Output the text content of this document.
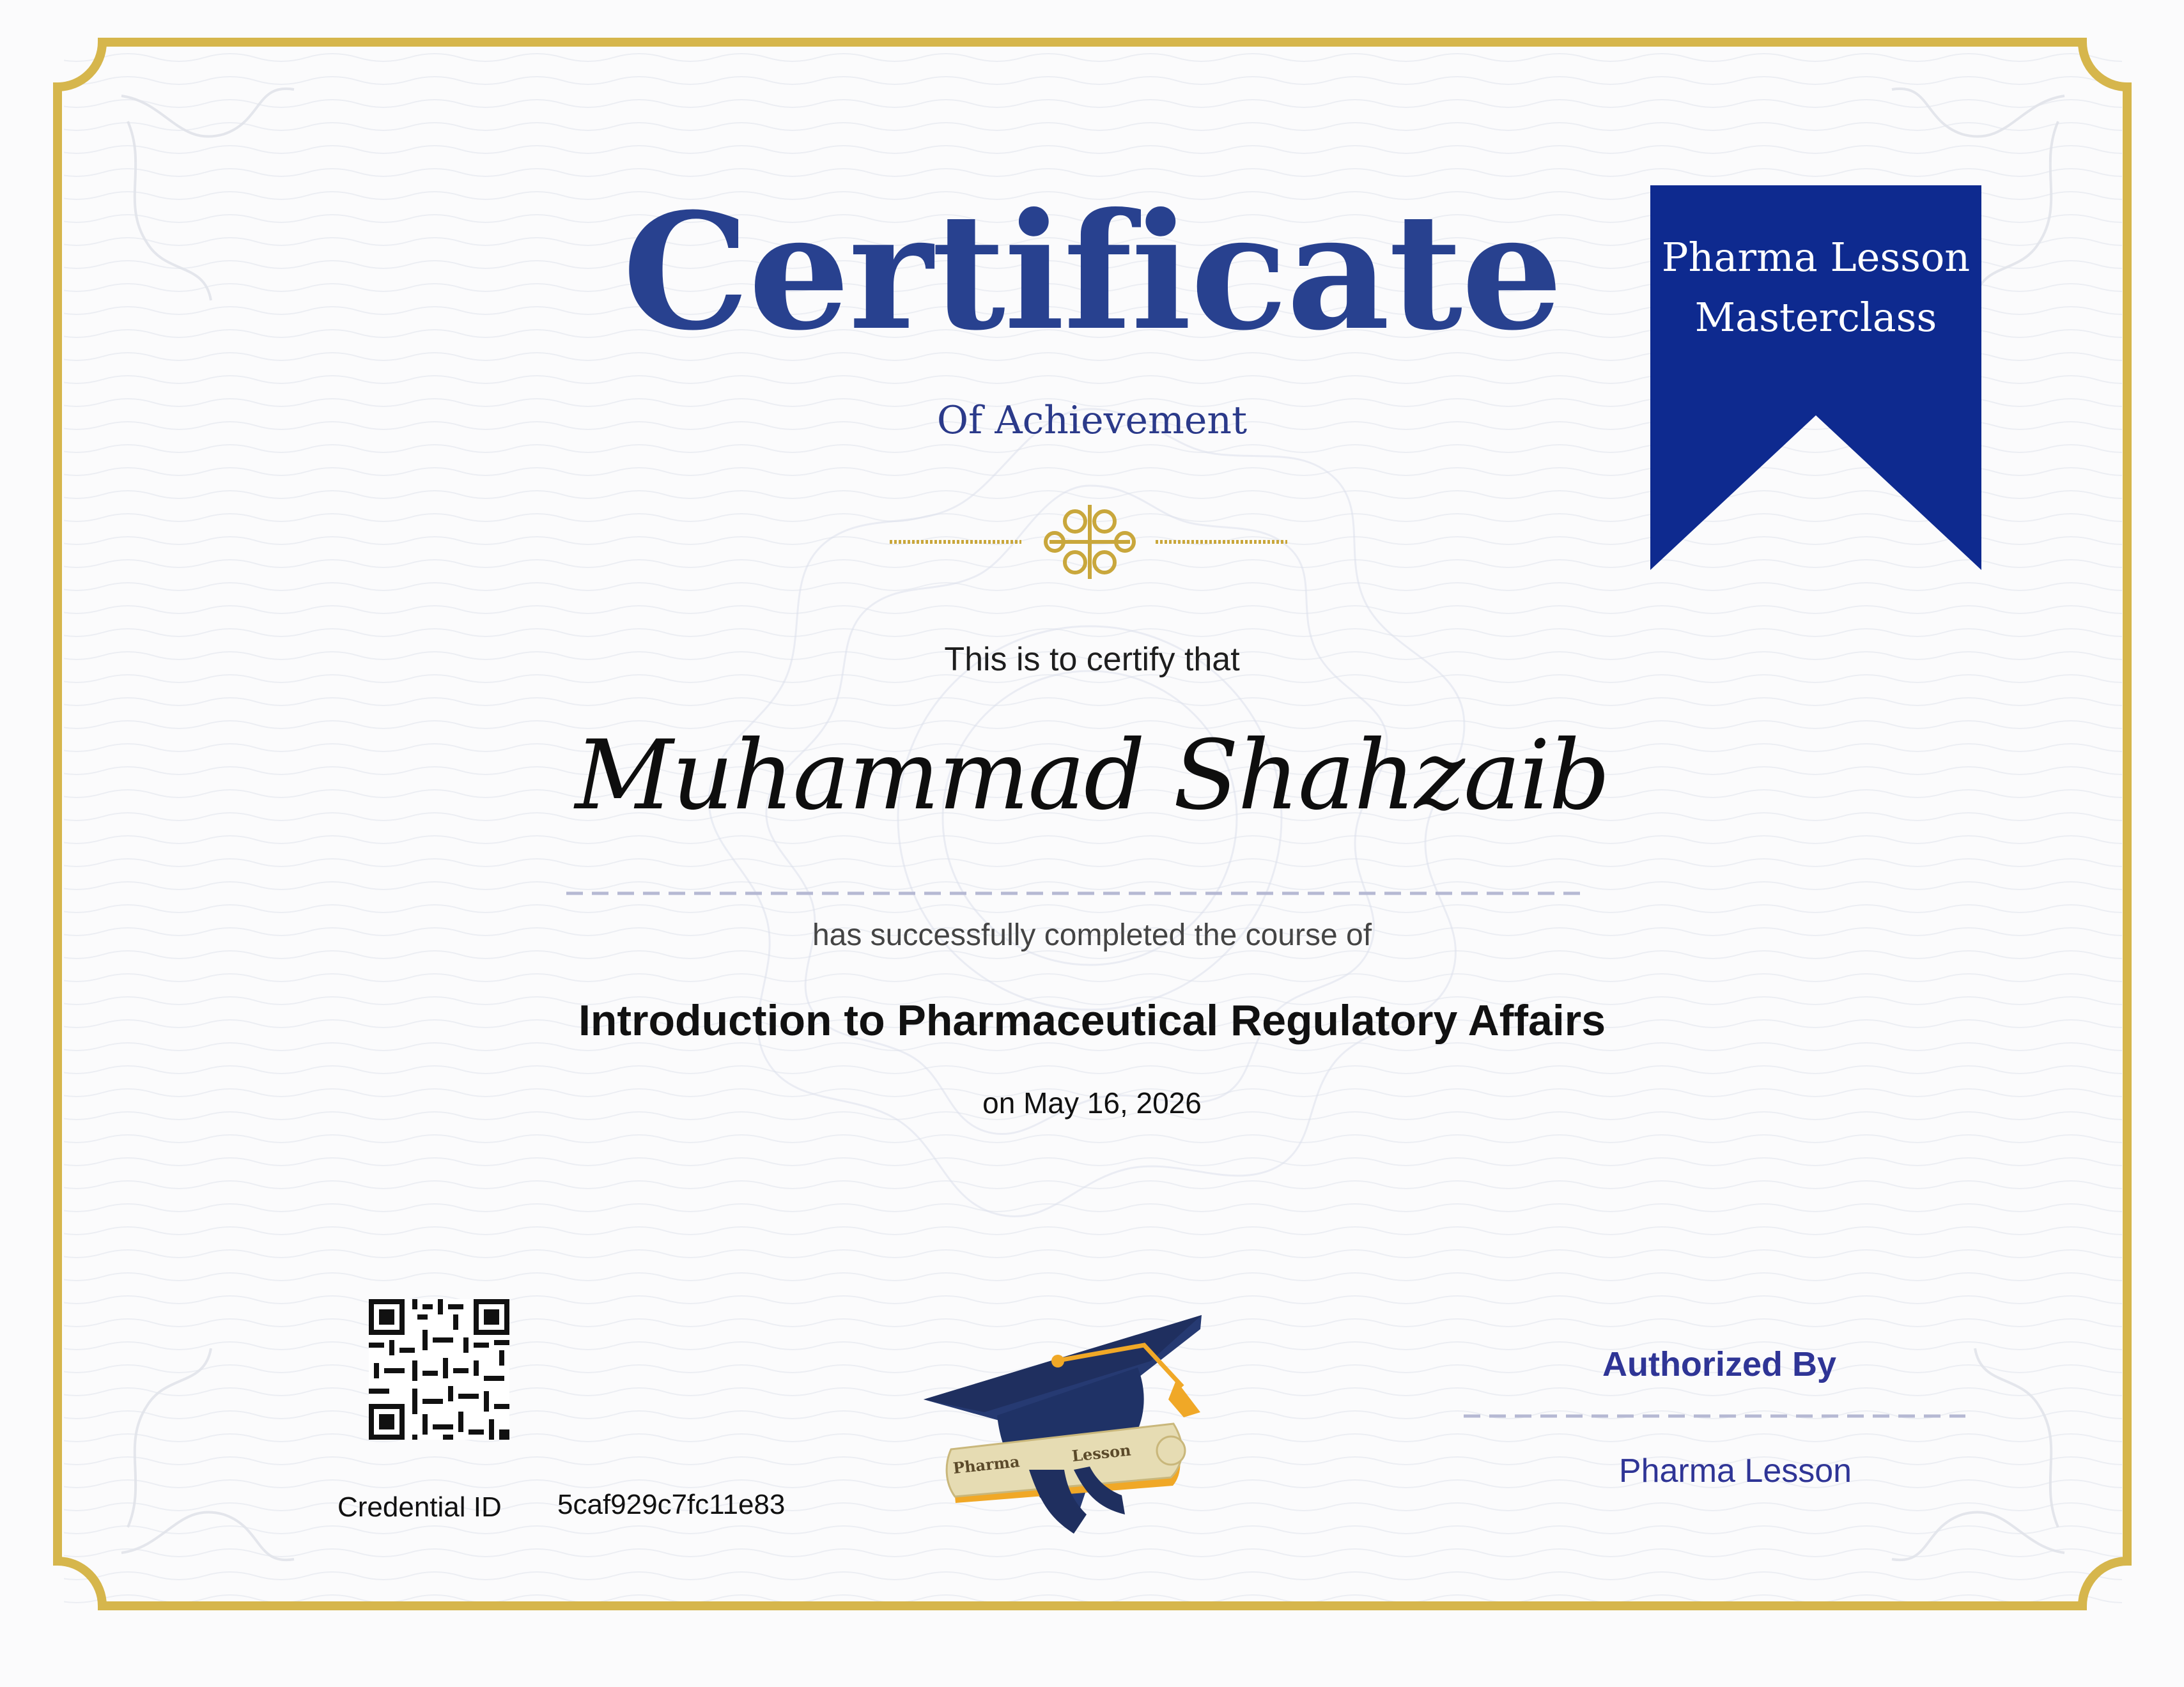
Pharma	Lesson
Certificate
Of Achievement
Pharma Lesson
Masterclass
This is to certify that
Muhammad Shahzaib
has successfully completed the course of
Introduction to Pharmaceutical Regulatory Affairs
on May 16, 2026
Credential ID 5caf929c7fc11e83
Authorized By
Pharma Lesson
